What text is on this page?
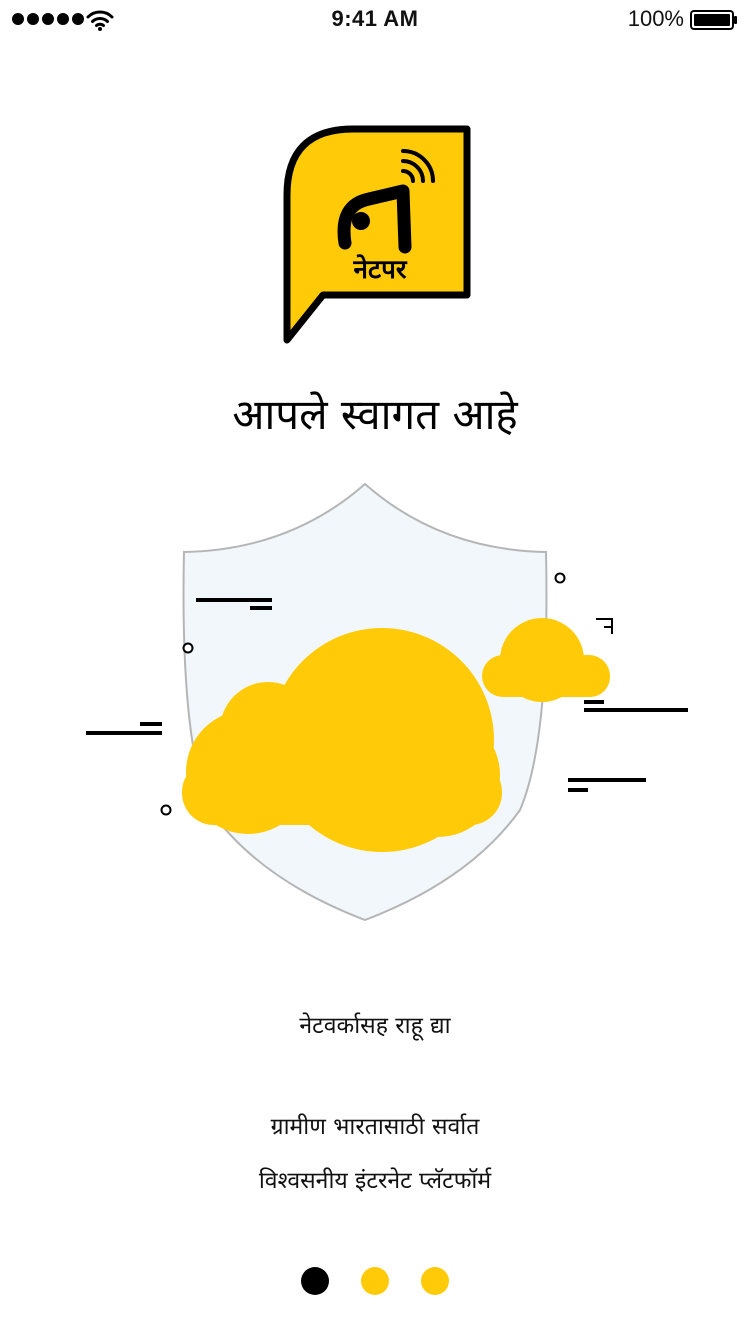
9:41 AM	100%
नेटपर
आपले स्वागत आहे
नेटवर्कासह राहू द्या
ग्रामीण भारतासाठी सर्वात
विश्वसनीय इंटरनेट प्लॅटफॉर्म
